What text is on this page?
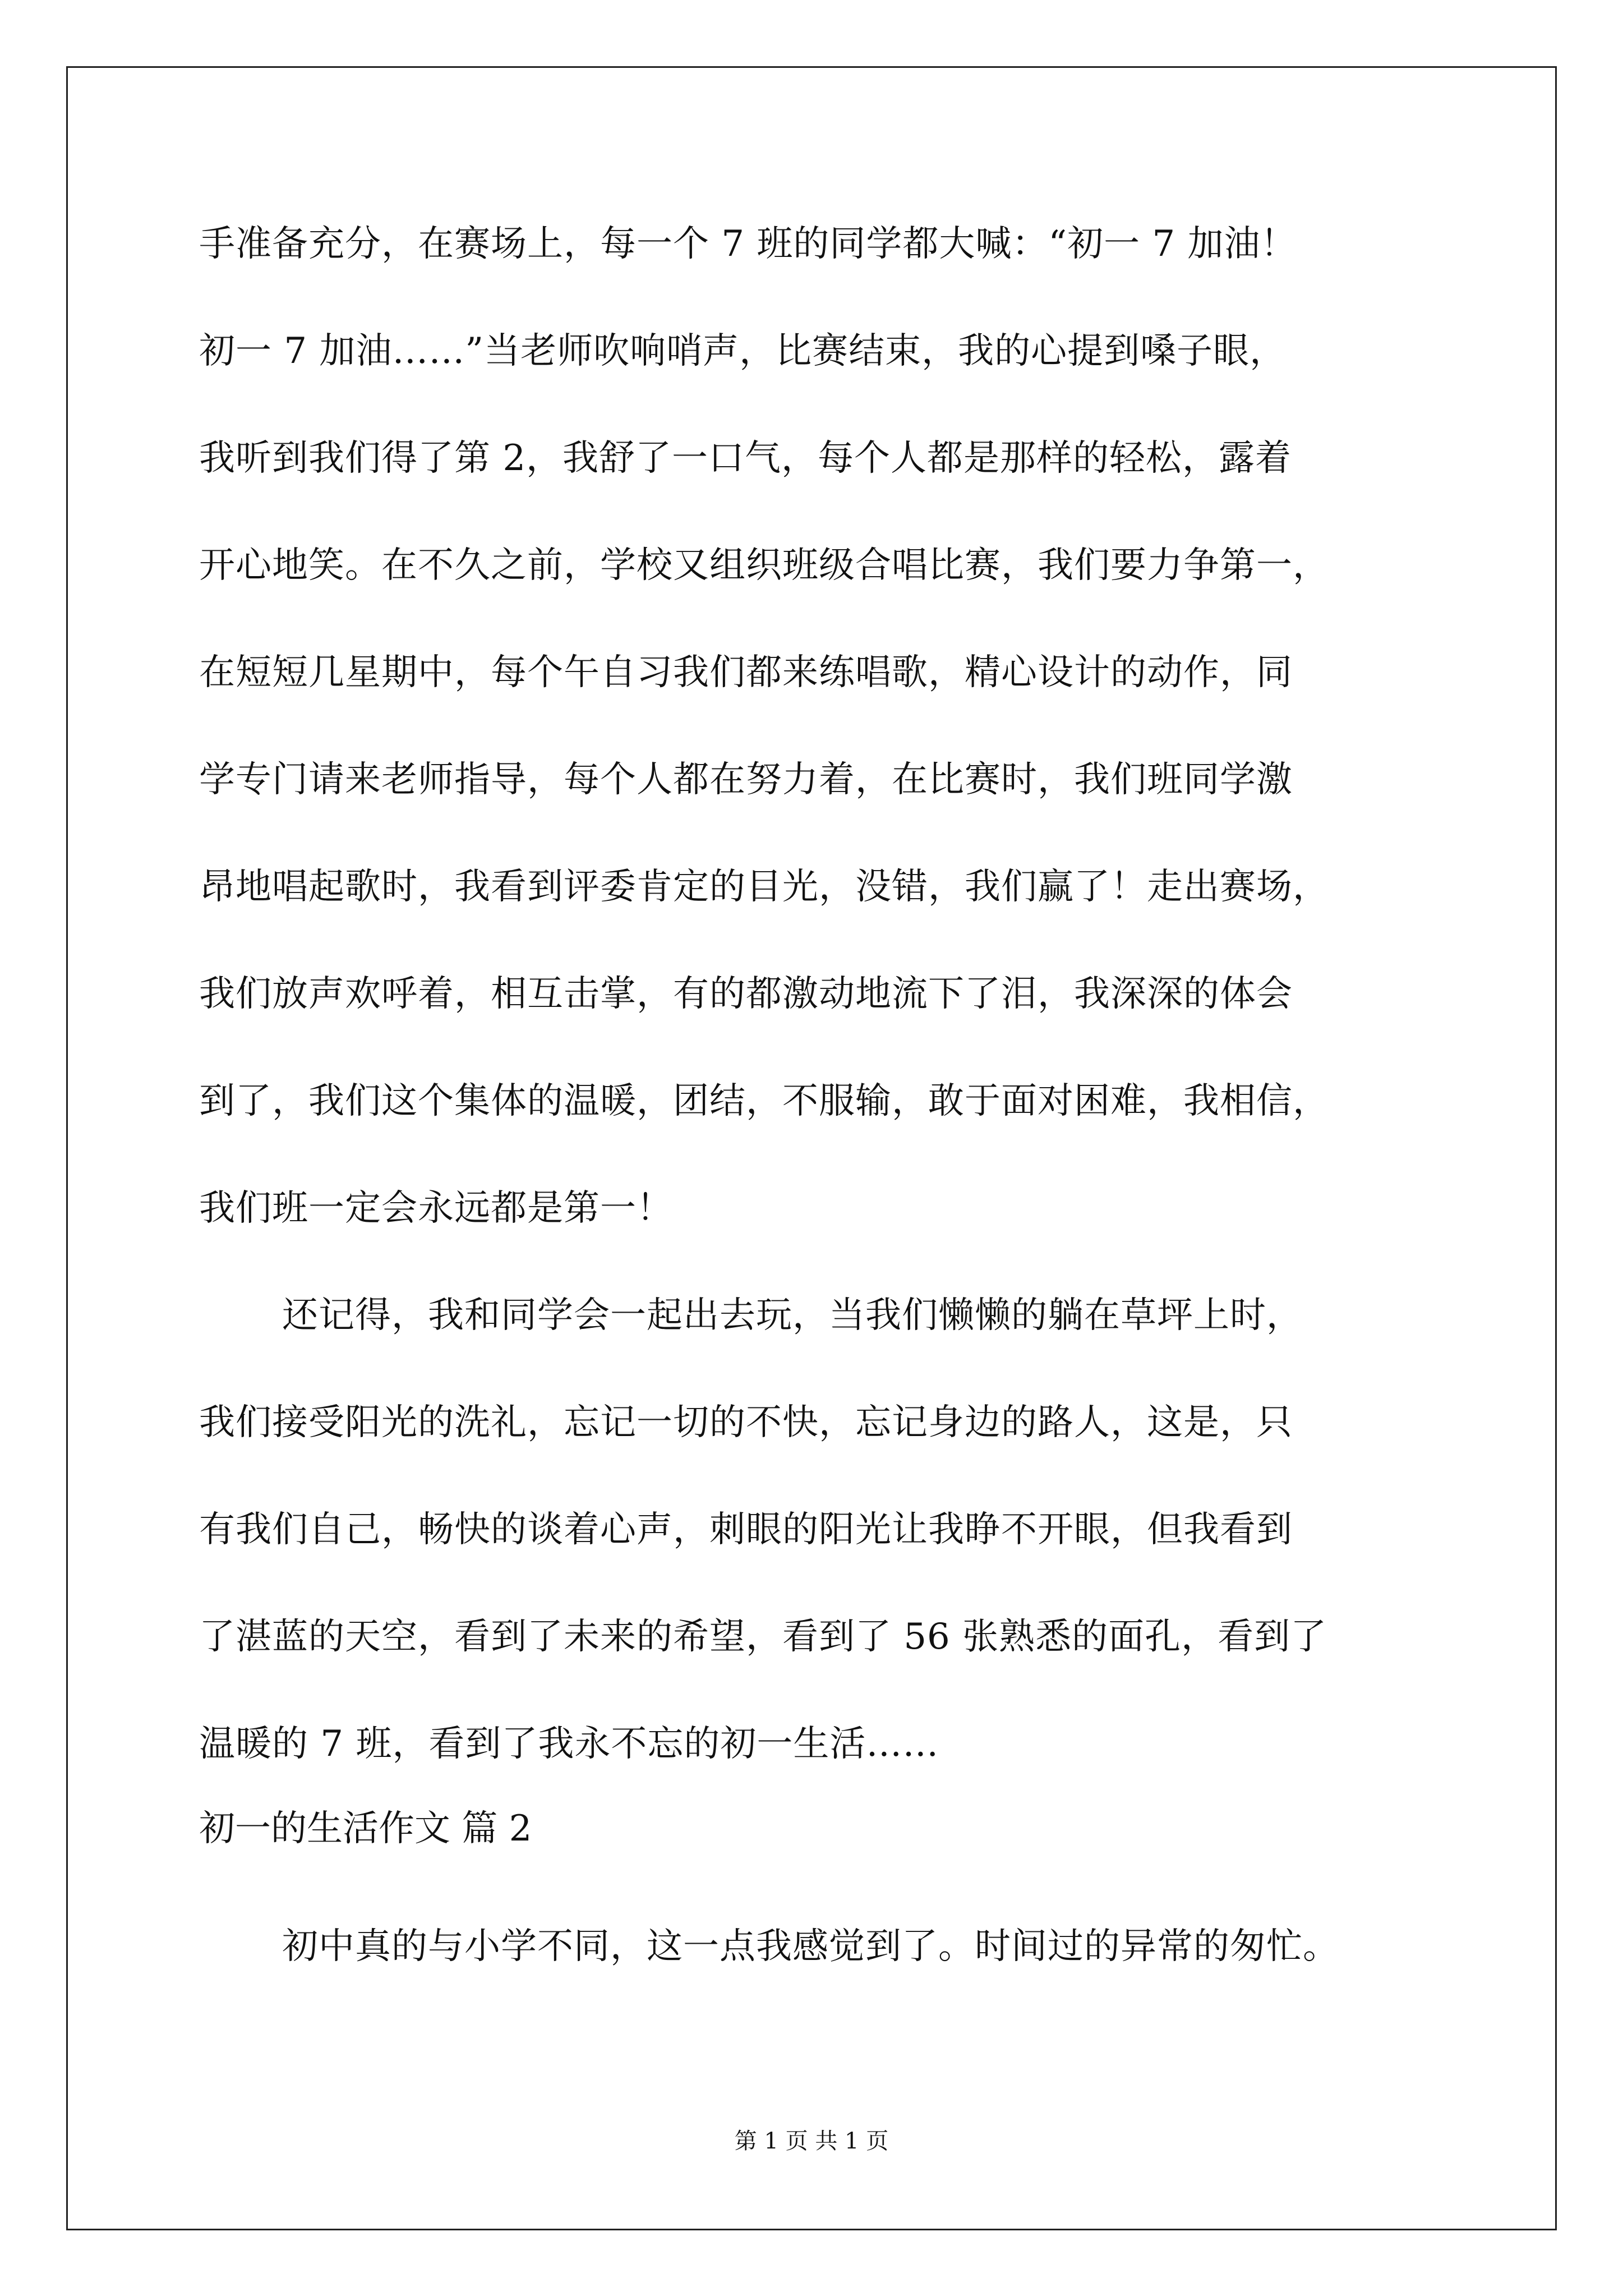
手准备充分，在赛场上，每一个 7 班的同学都大喊：“初一 7 加油！
初一 7 加油……”当老师吹响哨声，比赛结束，我的心提到嗓子眼，
我听到我们得了第 2，我舒了一口气，每个人都是那样的轻松，露着
开心地笑。在不久之前，学校又组织班级合唱比赛，我们要力争第一，
在短短几星期中，每个午自习我们都来练唱歌，精心设计的动作，同
学专门请来老师指导，每个人都在努力着，在比赛时，我们班同学激
昂地唱起歌时，我看到评委肯定的目光，没错，我们赢了！走出赛场，
我们放声欢呼着，相互击掌，有的都激动地流下了泪，我深深的体会
到了，我们这个集体的温暖，团结，不服输，敢于面对困难，我相信，
我们班一定会永远都是第一！
还记得，我和同学会一起出去玩，当我们懒懒的躺在草坪上时，
我们接受阳光的洗礼，忘记一切的不快，忘记身边的路人，这是，只
有我们自己，畅快的谈着心声，刺眼的阳光让我睁不开眼，但我看到
了湛蓝的天空，看到了未来的希望，看到了 56 张熟悉的面孔，看到了
温暖的 7 班，看到了我永不忘的初一生活……
初一的生活作文 篇 2
初中真的与小学不同，这一点我感觉到了。时间过的异常的匆忙。
第 1 页 共 1 页
